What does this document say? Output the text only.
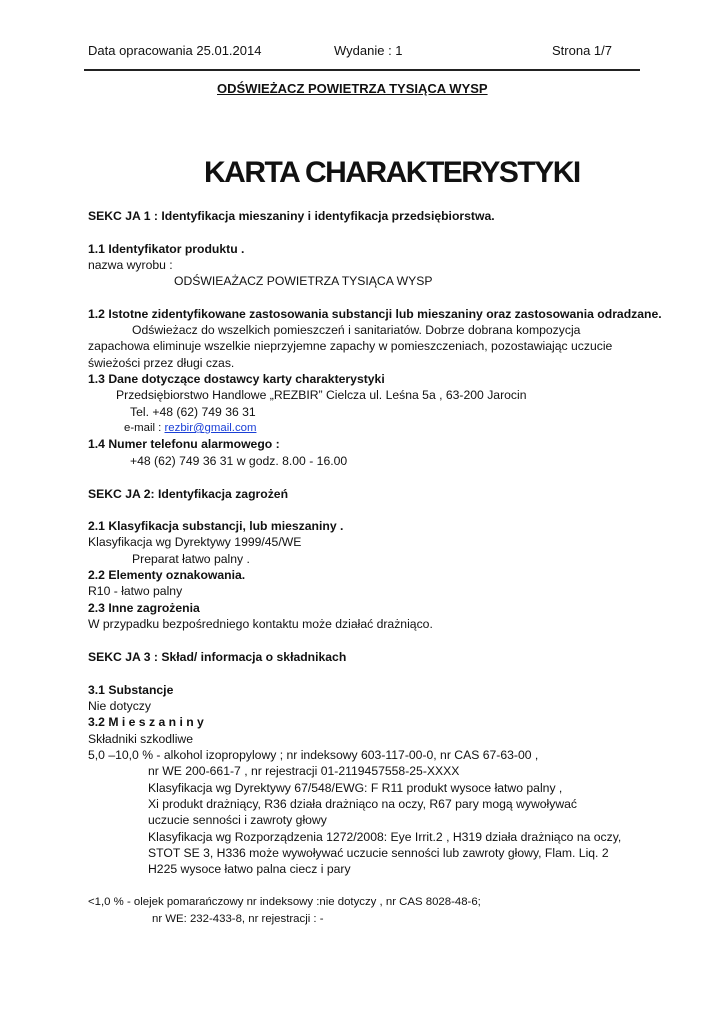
Data opracowania 25.01.2014	Wydanie : 1	Strona 1/7
ODŚWIEŻACZ POWIETRZA TYSIĄCA WYSP
KARTA CHARAKTERYSTYKI
SEKC JA 1 : Identyfikacja mieszaniny i identyfikacja przedsiębiorstwa.
1.1 Identyfikator produktu .
nazwa wyrobu :
ODŚWIEAŻACZ POWIETRZA TYSIĄCA WYSP
1.2 Istotne zidentyfikowane zastosowania substancji lub mieszaniny oraz zastosowania odradzane.
Odświeżacz do wszelkich pomieszczeń i sanitariatów. Dobrze dobrana kompozycja
zapachowa eliminuje wszelkie nieprzyjemne zapachy w pomieszczeniach, pozostawiając uczucie
świeżości przez długi czas.
1.3 Dane dotyczące dostawcy karty charakterystyki
Przedsiębiorstwo Handlowe „REZBIR” Cielcza ul. Leśna 5a , 63-200 Jarocin
Tel. +48 (62) 749 36 31
e-mail : rezbir@gmail.com
1.4 Numer telefonu alarmowego :
+48 (62) 749 36 31 w godz. 8.00 - 16.00
SEKC JA 2: Identyfikacja zagrożeń
2.1 Klasyfikacja substancji, lub mieszaniny .
Klasyfikacja wg Dyrektywy 1999/45/WE
Preparat łatwo palny .
2.2 Elementy oznakowania.
R10 - łatwo palny
2.3 Inne zagrożenia
W przypadku bezpośredniego kontaktu może działać drażniąco.
SEKC JA 3 : Skład/ informacja o składnikach
3.1 Substancje
Nie dotyczy
3.2 M i e s z a n i n y
Składniki szkodliwe
5,0 –10,0 % - alkohol izopropylowy ; nr indeksowy 603-117-00-0, nr CAS 67-63-00 ,
nr WE 200-661-7 , nr rejestracji 01-2119457558-25-XXXX
Klasyfikacja wg Dyrektywy 67/548/EWG: F R11 produkt wysoce łatwo palny ,
Xi produkt drażniący, R36 działa drażniąco na oczy, R67 pary mogą wywoływać
uczucie senności i zawroty głowy
Klasyfikacja wg Rozporządzenia 1272/2008: Eye Irrit.2 , H319 działa drażniąco na oczy,
STOT SE 3, H336 może wywoływać uczucie senności lub zawroty głowy, Flam. Liq. 2
H225 wysoce łatwo palna ciecz i pary
<1,0 % - olejek pomarańczowy nr indeksowy :nie dotyczy , nr CAS 8028-48-6;
nr WE: 232-433-8, nr rejestracji : -
